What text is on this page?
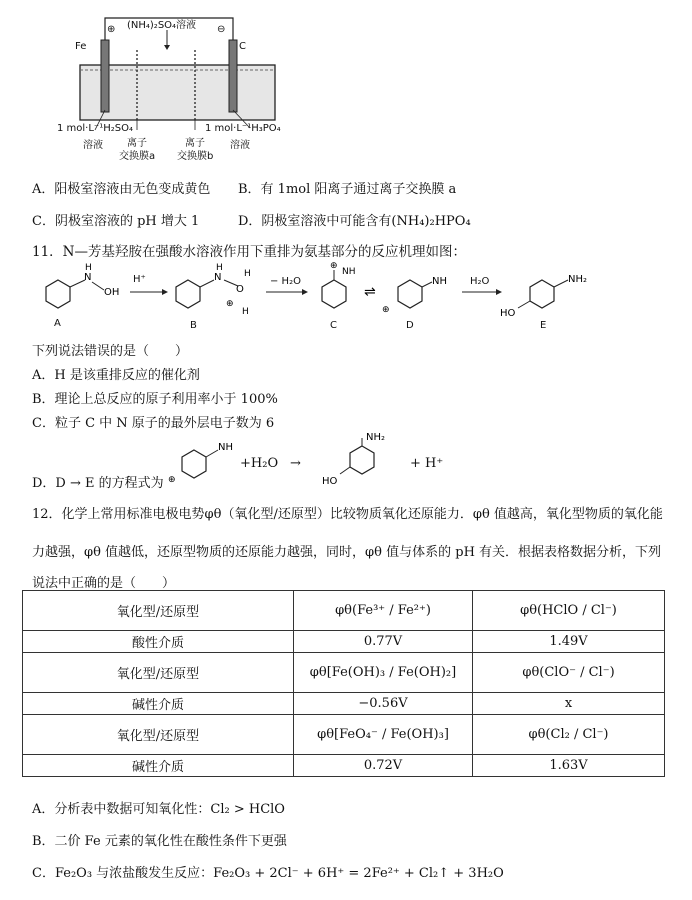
Fe
⊕	⊖
C
(NH₄)₂SO₄溶液
1 mol·L⁻¹H₂SO₄
溶液 离子
交换膜a
离子
交换膜b
1 mol·L⁻¹H₃PO₄
溶液
A．阳极室溶液由无色变成黄色 B．有 1mol 阳离子通过离子交换膜 a
C．阴极室溶液的 pH 增大 1	D．阴极室溶液中可能含有(NH₄)₂HPO₄
11．N—芳基羟胺在强酸水溶液作用下重排为氨基部分的反应机理如图：
N
H
OH
N
H
O
H
⊕
H
⊕
NH
⇌
NH
⊕
NH₂
HO
H⁺	− H₂O	H₂O
A	B	C	D	E
下列说法错误的是（　　）
A．H 是该重排反应的催化剂
B．理论上总反应的原子利用率小于 100%
C．粒子 C 中 N 原子的最外层电子数为 6
D．D → E 的方程式为
NH
⊕
NH₂
HO
+H₂O →	+ H⁺
12．化学上常用标准电极电势φθ（氧化型/还原型）比较物质氧化还原能力．φθ 值越高，氧化型物质的氧化能
力越强，φθ 值越低，还原型物质的还原能力越强，同时，φθ 值与体系的 pH 有关．根据表格数据分析，下列
说法中正确的是（　　）
氧化型/还原型	φθ(Fe³⁺ / Fe²⁺)	φθ(HClO / Cl⁻)
酸性介质	0.77V	1.49V
氧化型/还原型	φθ[Fe(OH)₃ / Fe(OH)₂]	φθ(ClO⁻ / Cl⁻)
碱性介质	−0.56V	x
氧化型/还原型	φθ[FeO₄⁻ / Fe(OH)₃]	φθ(Cl₂ / Cl⁻)
碱性介质	0.72V	1.63V
A．分析表中数据可知氧化性：Cl₂ > HClO
B．二价 Fe 元素的氧化性在酸性条件下更强
C．Fe₂O₃ 与浓盐酸发生反应：Fe₂O₃ + 2Cl⁻ + 6H⁺ = 2Fe²⁺ + Cl₂↑ + 3H₂O
